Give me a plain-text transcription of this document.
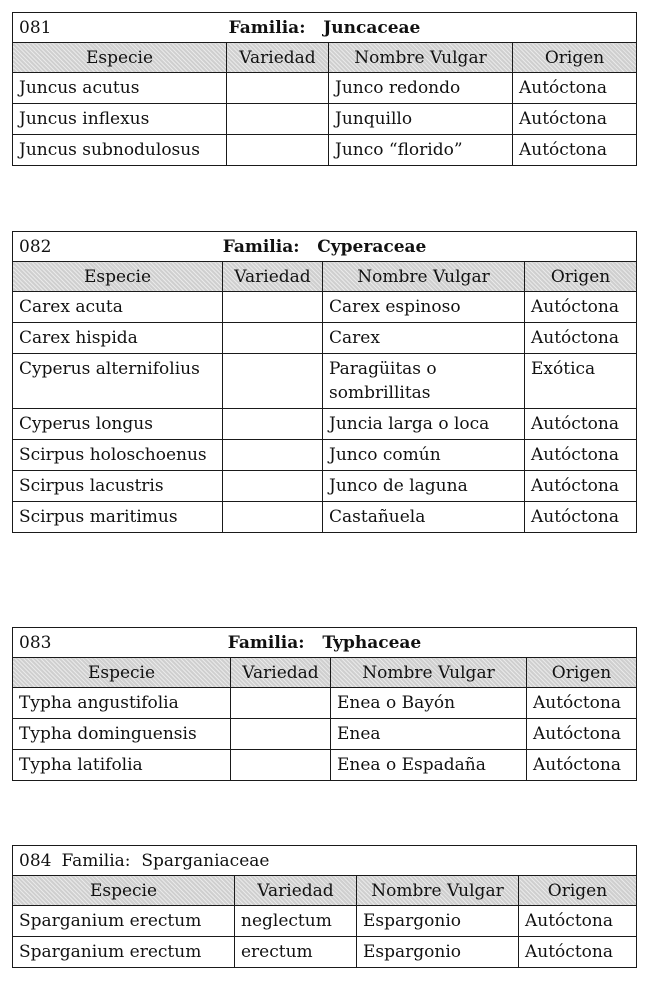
081 Familia: Juncaceae			

Especie	Variedad	Nombre Vulgar	Origen
Juncus acutus		Junco redondo	Autóctona
Juncus inflexus		Junquillo	Autóctona
Juncus subnodulosus		Junco “florido”	Autóctona
082 Familia: Cyperaceae			

Especie	Variedad	Nombre Vulgar	Origen
Carex acuta		Carex espinoso	Autóctona
Carex hispida		Carex	Autóctona
Cyperus alternifolius		Paragüitas o sombrillitas	Exótica
Cyperus longus		Juncia larga o loca	Autóctona
Scirpus holoschoenus		Junco común	Autóctona
Scirpus lacustris		Junco de laguna	Autóctona
Scirpus maritimus		Castañuela	Autóctona
083 Familia: Typhaceae			

Especie	Variedad	Nombre Vulgar	Origen
Typha angustifolia		Enea o Bayón	Autóctona
Typha dominguensis		Enea	Autóctona
Typha latifolia		Enea o Espadaña	Autóctona
084 Familia: Sparganiaceae			

Especie	Variedad	Nombre Vulgar	Origen
Sparganium erectum	neglectum	Espargonio	Autóctona
Sparganium erectum	erectum	Espargonio	Autóctona
